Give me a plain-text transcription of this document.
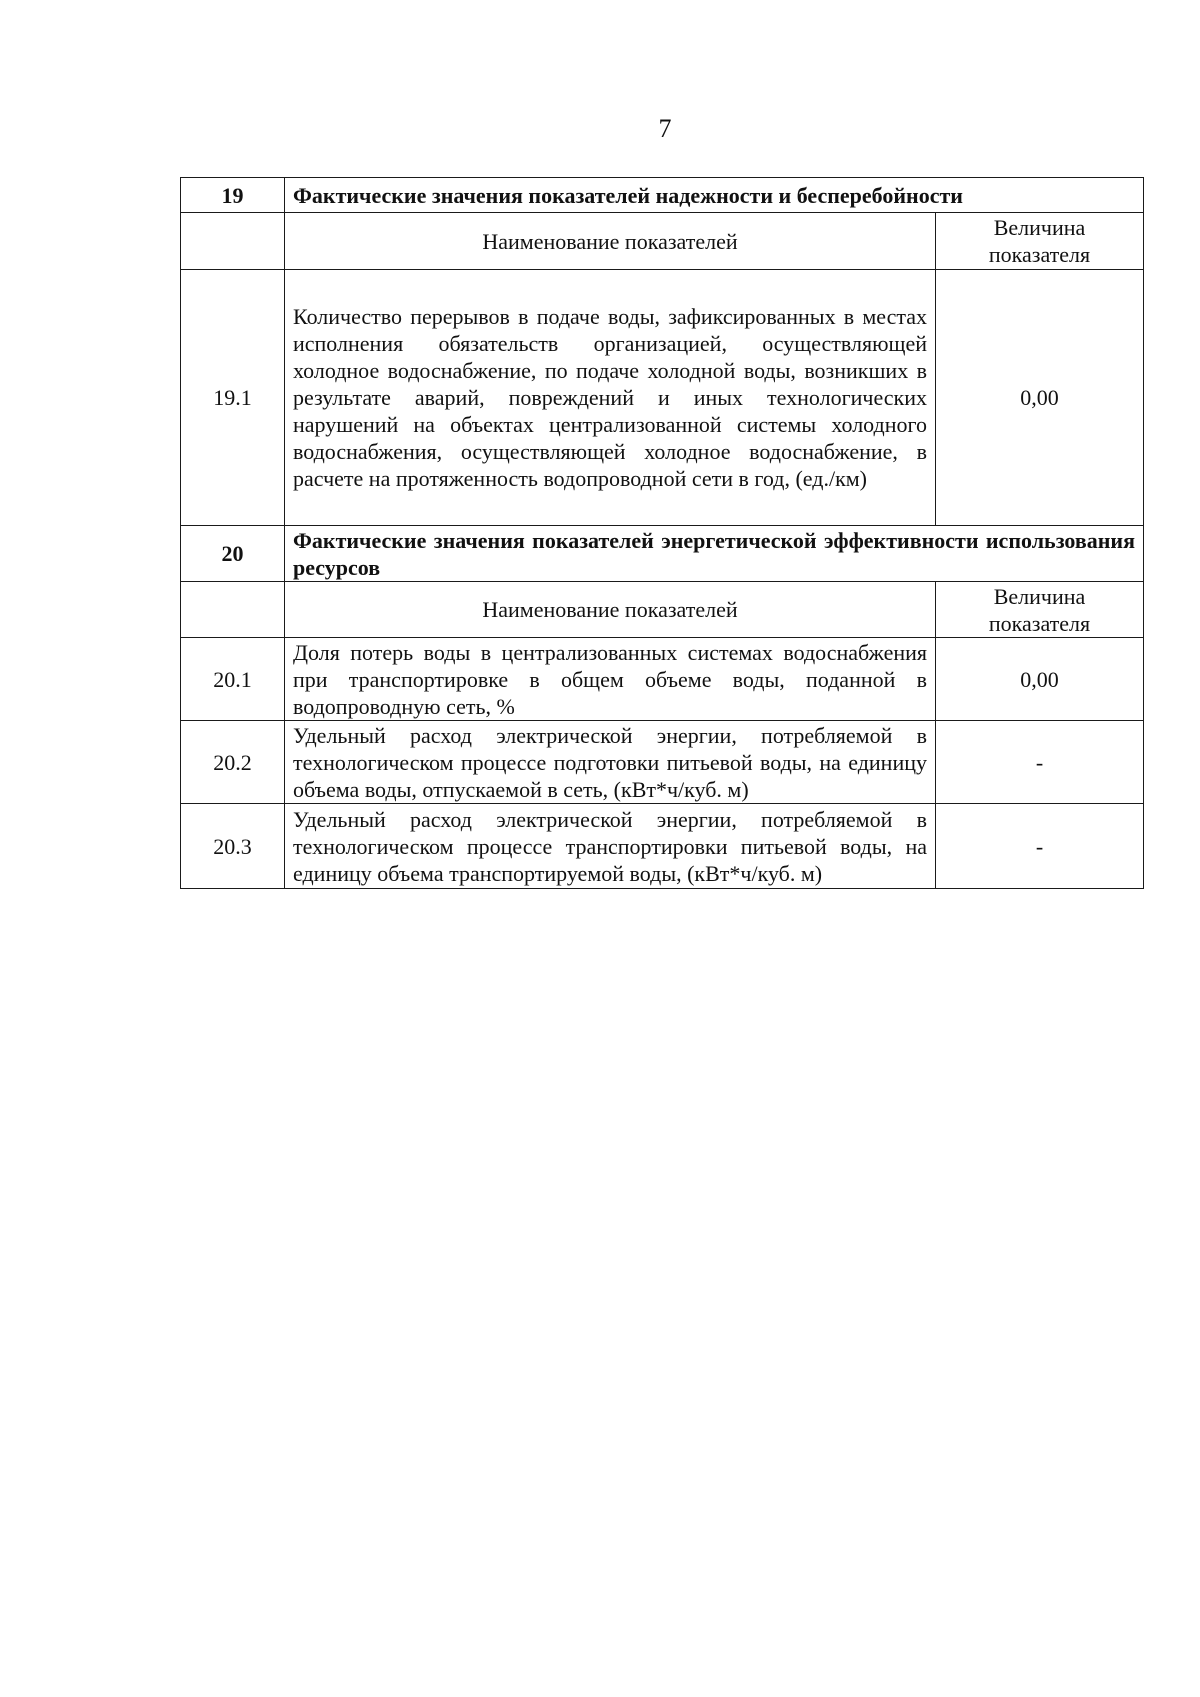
7
19	Фактические значения показателей надежности и бесперебойности	
	Наименование показателей	Величина показателя
19.1	Количество перерывов в подаче воды, зафиксированных в местах исполнения обязательств организацией, осуществляющей холодное водоснабжение, по подаче холодной воды, возникших в результате аварий, повреждений и иных технологических нарушений на объектах централизованной системы холодного водоснабжения, осуществляющей холодное водоснабжение, в расчете на протяженность водопроводной сети в год, (ед./км)	0,00
20	Фактические значения показателей энергетической эффективности использования ресурсов	
	Наименование показателей	Величина показателя
20.1	Доля потерь воды в централизованных системах водоснабжения при транспортировке в общем объеме воды, поданной в водопроводную сеть, %	0,00
20.2	Удельный расход электрической энергии, потребляемой в технологическом процессе подготовки питьевой воды, на единицу объема воды, отпускаемой в сеть, (кВт*ч/куб. м)	-
20.3	Удельный расход электрической энергии, потребляемой в технологическом процессе транспортировки питьевой воды, на единицу объема транспортируемой воды, (кВт*ч/куб. м)	-
